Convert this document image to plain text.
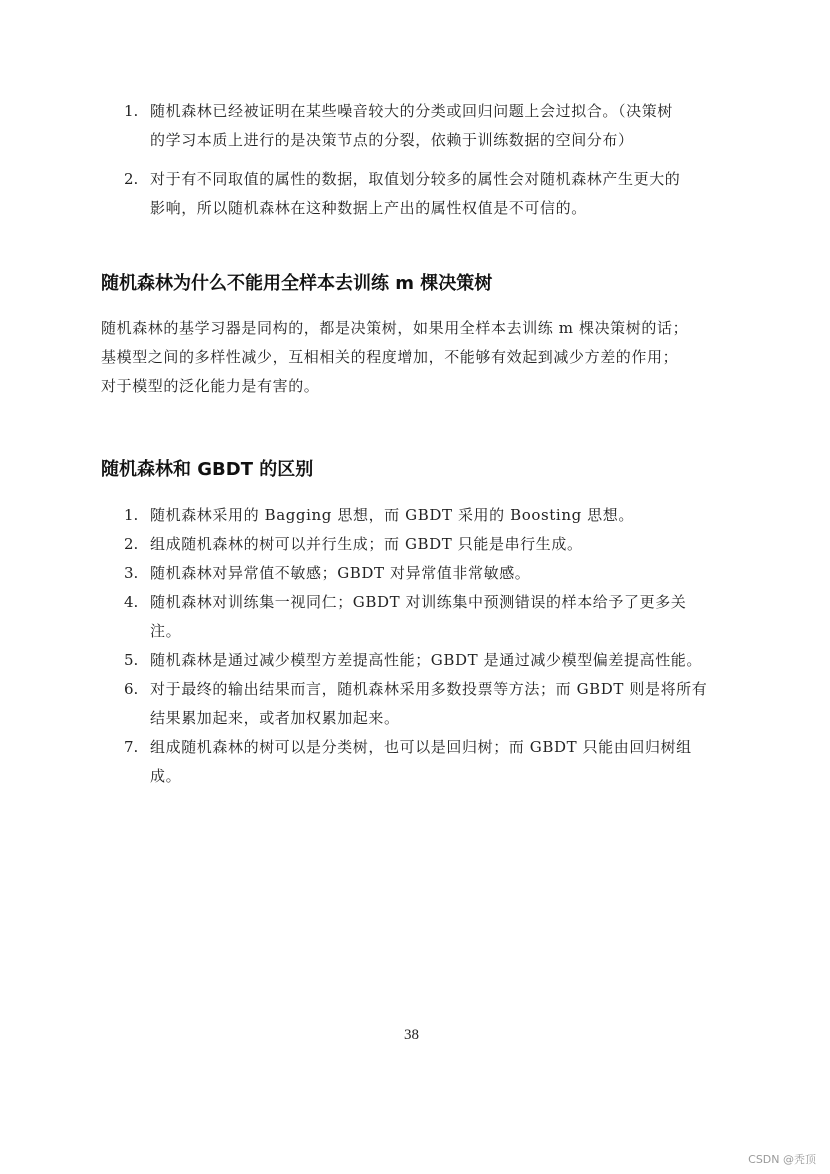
1. 随机森林已经被证明在某些噪音较大的分类或回归问题上会过拟合。（决策树
的学习本质上进行的是决策节点的分裂，依赖于训练数据的空间分布）
2. 对于有不同取值的属性的数据，取值划分较多的属性会对随机森林产生更大的
影响，所以随机森林在这种数据上产出的属性权值是不可信的。
随机森林为什么不能用全样本去训练 m 棵决策树
随机森林的基学习器是同构的，都是决策树，如果用全样本去训练 m 棵决策树的话；
基模型之间的多样性减少，互相相关的程度增加，不能够有效起到减少方差的作用；
对于模型的泛化能力是有害的。
随机森林和 GBDT 的区别
1. 随机森林采用的 Bagging 思想，而 GBDT 采用的 Boosting 思想。
2. 组成随机森林的树可以并行生成；而 GBDT 只能是串行生成。
3. 随机森林对异常值不敏感；GBDT 对异常值非常敏感。
4. 随机森林对训练集一视同仁；GBDT 对训练集中预测错误的样本给予了更多关
注。
5. 随机森林是通过减少模型方差提高性能；GBDT 是通过减少模型偏差提高性能。
6. 对于最终的输出结果而言，随机森林采用多数投票等方法；而 GBDT 则是将所有
结果累加起来，或者加权累加起来。
7. 组成随机森林的树可以是分类树，也可以是回归树；而 GBDT 只能由回归树组
成。
38
CSDN @秃顶
